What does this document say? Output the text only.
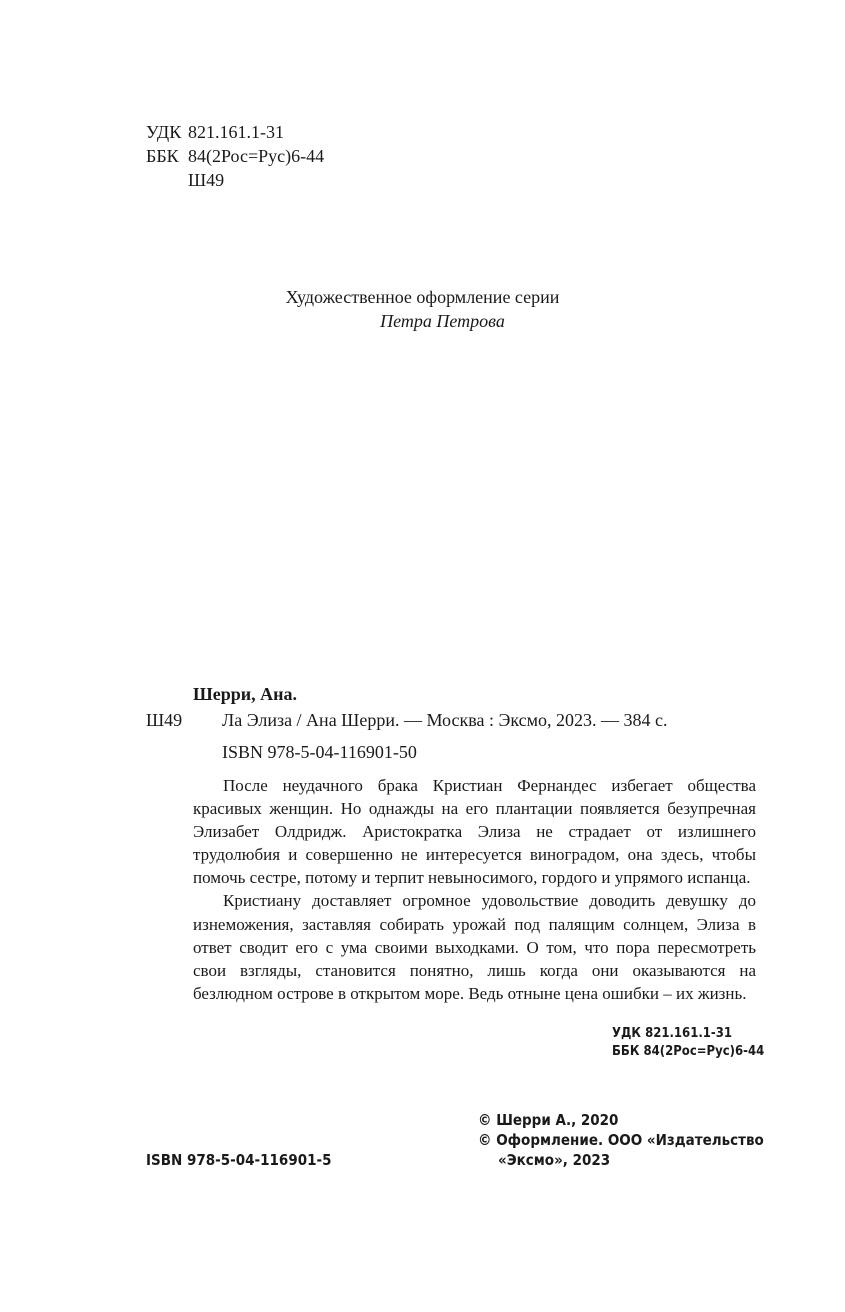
УДК 821.161.1-31
ББК 84(2Рос=Рус)6-44
Ш49
Художественное оформление серии
Петра Петрова
Шерри, Ана.
Ш49 Ла Элиза / Ана Шерри. — Москва : Эксмо, 2023. — 384 с.
ISBN 978-5-04-116901-50

После неудачного брака Кристиан Фернандес избегает общества красивых женщин. Но однажды на его плантации появляется безупречная Элизабет Олдридж. Аристократка Элиза не страдает от излишнего трудолюбия и совершенно не интересуется виноградом, она здесь, чтобы помочь сестре, потому и терпит невыносимого, гордого и упрямого испанца.

Кристиану доставляет огромное удовольствие доводить девушку до изнеможения, заставляя собирать урожай под палящим солнцем, Элиза в ответ сводит его с ума своими выходками. О том, что пора пересмотреть свои взгляды, становится понятно, лишь когда они оказываются на безлюдном острове в открытом море. Ведь отныне цена ошибки – их жизнь.

УДК 821.161.1-31
ББК 84(2Рос=Рус)6-44
© Шерри А., 2020
© Оформление. ООО «Издательство
«Эксмо», 2023
ISBN 978-5-04-116901-5
